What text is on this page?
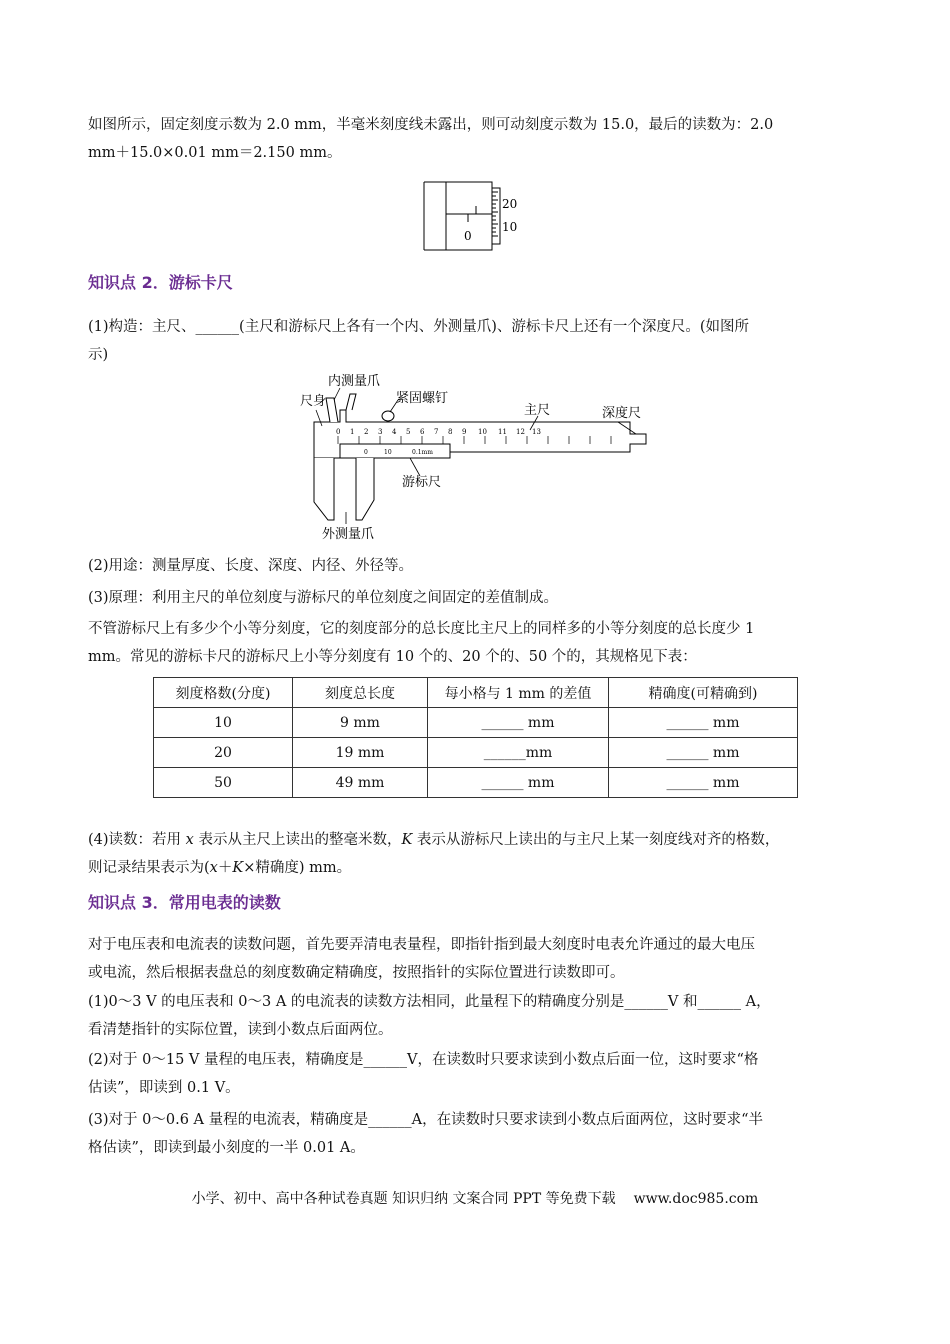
如图所示，固定刻度示数为 2.0 mm，半毫米刻度线未露出，则可动刻度示数为 15.0，最后的读数为：2.0
mm＋15.0×0.01 mm＝2.150 mm。
20
10
0
知识点 2．游标卡尺
(1)构造：主尺、______(主尺和游标尺上各有一个内、外测量爪)、游标卡尺上还有一个深度尺。(如图所
示)
0 1 2 3 4 5 6 7 8 9 10 11 12 13
0	10	0.1mm
内测量爪
尺身	紧固螺钉
主尺	深度尺
游标尺
外测量爪
(2)用途：测量厚度、长度、深度、内径、外径等。
(3)原理：利用主尺的单位刻度与游标尺的单位刻度之间固定的差值制成。
不管游标尺上有多少个小等分刻度，它的刻度部分的总长度比主尺上的同样多的小等分刻度的总长度少 1
mm。常见的游标卡尺的游标尺上小等分刻度有 10 个的、20 个的、50 个的，其规格见下表：
刻度格数(分度)	刻度总长度	每小格与 1 mm 的差值	精确度(可精确到)
10	9 mm	______ mm	______ mm
20	19 mm	______mm	______ mm
50	49 mm	______ mm	______ mm
(4)读数：若用 x 表示从主尺上读出的整毫米数，K 表示从游标尺上读出的与主尺上某一刻度线对齐的格数，
则记录结果表示为(x＋K×精确度) mm。
知识点 3．常用电表的读数
对于电压表和电流表的读数问题，首先要弄清电表量程，即指针指到最大刻度时电表允许通过的最大电压
或电流，然后根据表盘总的刻度数确定精确度，按照指针的实际位置进行读数即可。
(1)0～3 V 的电压表和 0～3 A 的电流表的读数方法相同，此量程下的精确度分别是______V 和______ A，
看清楚指针的实际位置，读到小数点后面两位。
(2)对于 0～15 V 量程的电压表，精确度是______V，在读数时只要求读到小数点后面一位，这时要求“格
估读”，即读到 0.1 V。
(3)对于 0～0.6 A 量程的电流表，精确度是______A，在读数时只要求读到小数点后面两位，这时要求“半
格估读”，即读到最小刻度的一半 0.01 A。
小学、初中、高中各种试卷真题 知识归纳 文案合同 PPT 等免费下载 www.doc985.com
